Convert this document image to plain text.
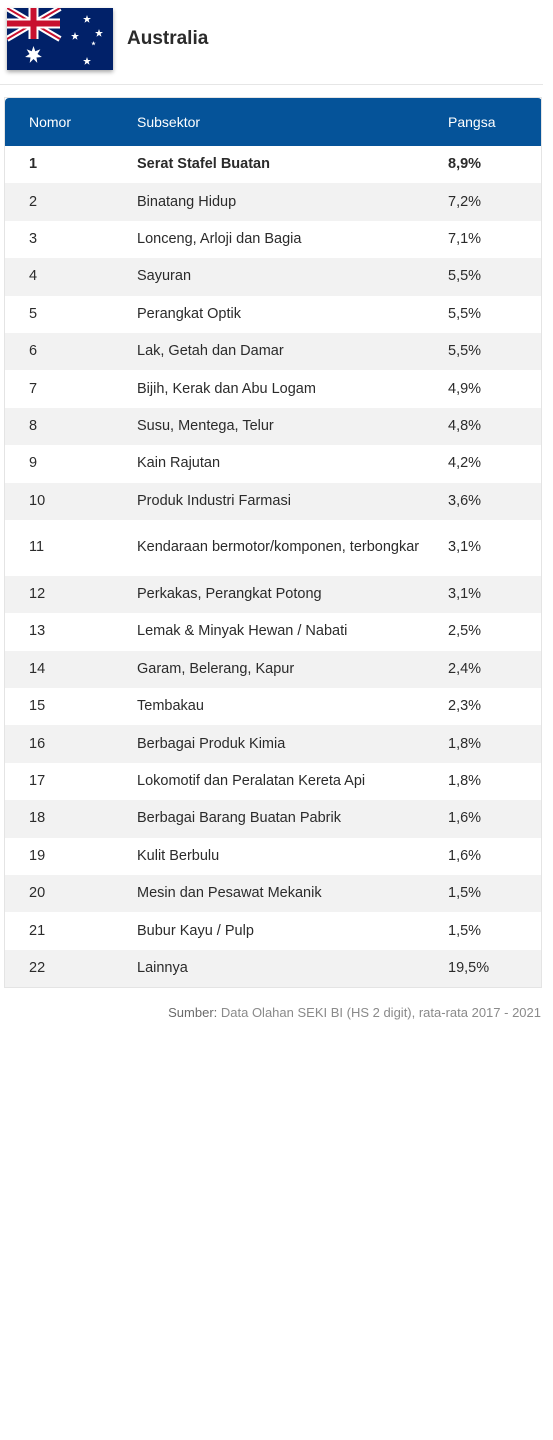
Australia
Nomor	Subsektor	Pangsa
1	Serat Stafel Buatan	8,9%
2	Binatang Hidup	7,2%
3	Lonceng, Arloji dan Bagia	7,1%
4	Sayuran	5,5%
5	Perangkat Optik	5,5%
6	Lak, Getah dan Damar	5,5%
7	Bijih, Kerak dan Abu Logam	4,9%
8	Susu, Mentega, Telur	4,8%
9	Kain Rajutan	4,2%
10	Produk Industri Farmasi	3,6%
11	Kendaraan bermotor/komponen, terbongkar	3,1%
12	Perkakas, Perangkat Potong	3,1%
13	Lemak & Minyak Hewan / Nabati	2,5%
14	Garam, Belerang, Kapur	2,4%
15	Tembakau	2,3%
16	Berbagai Produk Kimia	1,8%
17	Lokomotif dan Peralatan Kereta Api	1,8%
18	Berbagai Barang Buatan Pabrik	1,6%
19	Kulit Berbulu	1,6%
20	Mesin dan Pesawat Mekanik	1,5%
21	Bubur Kayu / Pulp	1,5%
22	Lainnya	19,5%
Sumber: Data Olahan SEKI BI (HS 2 digit), rata-rata 2017 - 2021
